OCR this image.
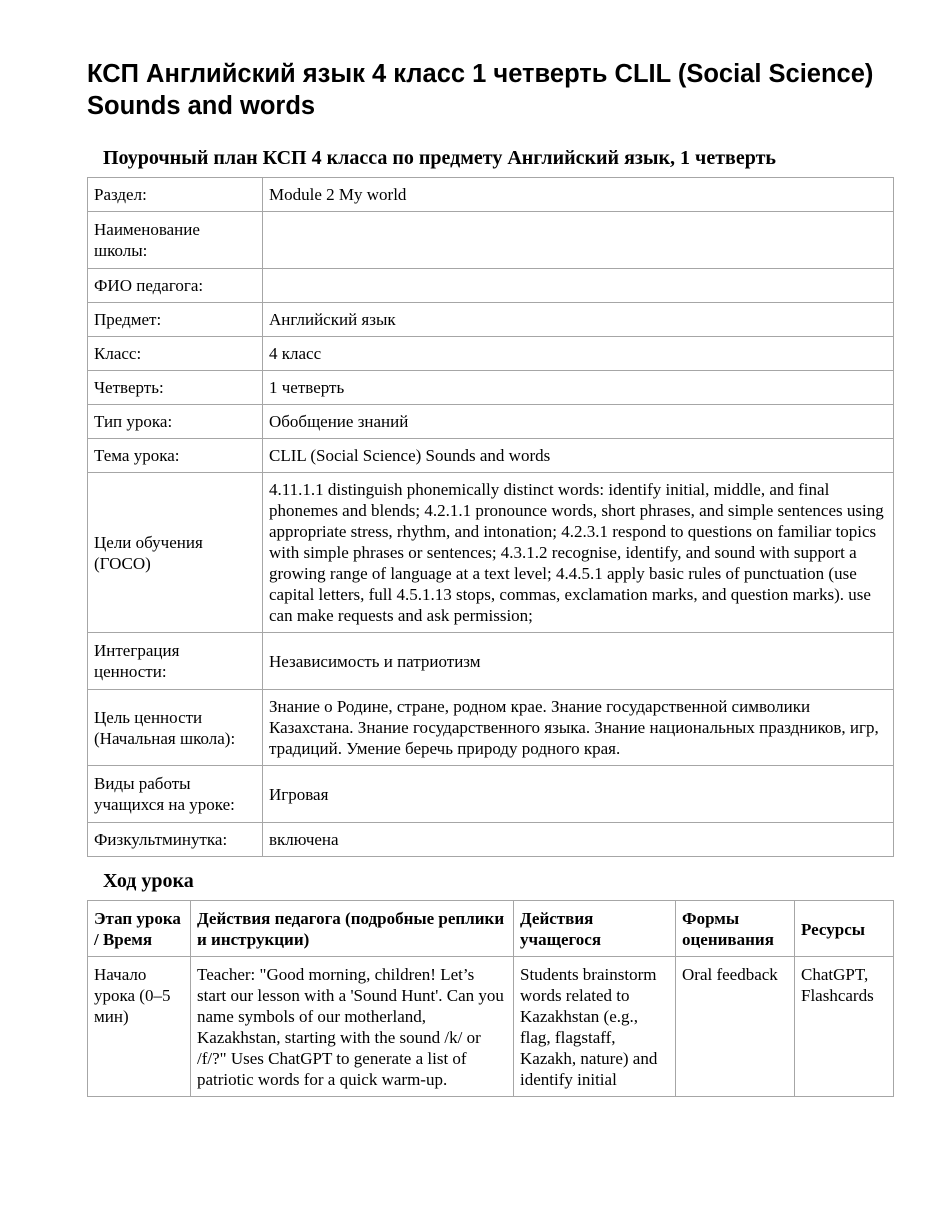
КСП Английский язык 4 класс 1 четверть CLIL (Social Science) Sounds and words
Поурочный план КСП 4 класса по предмету Английский язык, 1 четверть
Раздел:	Module 2 My world
Наименование школы:	
ФИО педагога:	
Предмет:	Английский язык
Класс:	4 класс
Четверть:	1 четверть
Тип урока:	Обобщение знаний
Тема урока:	CLIL (Social Science) Sounds and words
Цели обучения (ГОСО)	4.11.1.1 distinguish phonemically distinct words: identify initial, middle, and final phonemes and blends; 4.2.1.1 pronounce words, short phrases, and simple sentences using appropriate stress, rhythm, and intonation; 4.2.3.1 respond to questions on familiar topics with simple phrases or sentences; 4.3.1.2 recognise, identify, and sound with support a growing range of language at a text level; 4.4.5.1 apply basic rules of punctuation (use capital letters, full 4.5.1.13 stops, commas, exclamation marks, and question marks). use can make requests and ask permission;
Интеграция ценности:	Независимость и патриотизм
Цель ценности (Начальная школа):	Знание о Родине, стране, родном крае. Знание государственной символики Казахстана. Знание государственного языка. Знание национальных праздников, игр, традиций. Умение беречь природу родного края.
Виды работы учащихся на уроке:	Игровая
Физкультминутка:	включена
Ход урока
Этап урока / Время	Действия педагога (подробные реплики и инструкции)	Действия учащегося	Формы оценивания	Ресурсы
Начало урока (0–5 мин)	Teacher: "Good morning, children! Let’s start our lesson with a 'Sound Hunt'. Can you name symbols of our motherland, Kazakhstan, starting with the sound /k/ or /f/?" Uses ChatGPT to generate a list of patriotic words for a quick warm-up.	Students brainstorm words related to Kazakhstan (e.g., flag, flagstaff, Kazakh, nature) and identify initial	Oral feedback	ChatGPT, Flashcards
